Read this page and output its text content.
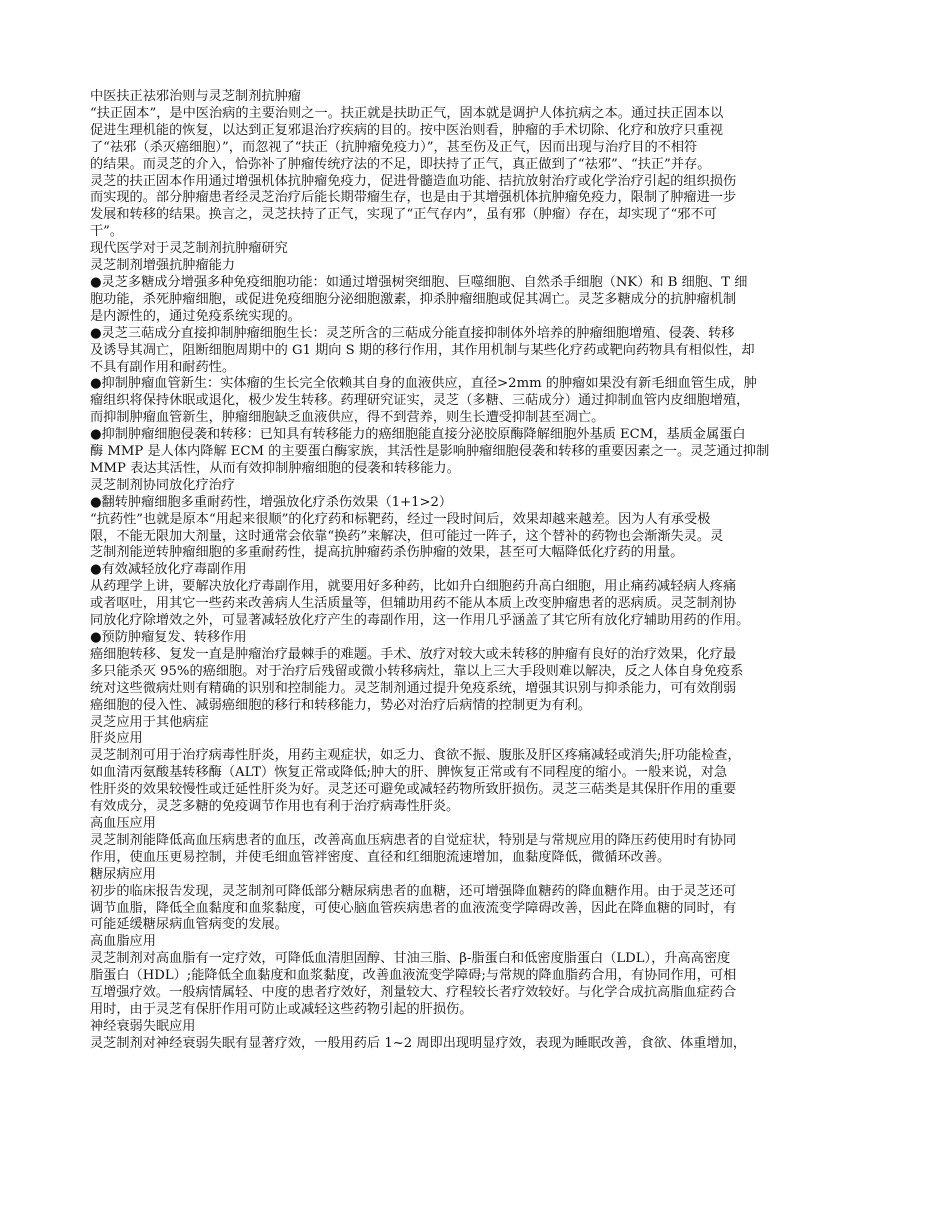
中医扶正祛邪治则与灵芝制剂抗肿瘤
“扶正固本”，是中医治病的主要治则之一。扶正就是扶助正气，固本就是调护人体抗病之本。通过扶正固本以
促进生理机能的恢复，以达到正复邪退治疗疾病的目的。按中医治则看，肿瘤的手术切除、化疗和放疗只重视
了“祛邪（杀灭癌细胞）”，而忽视了“扶正（抗肿瘤免疫力）”，甚至伤及正气，因而出现与治疗目的不相符
的结果。而灵芝的介入，恰弥补了肿瘤传统疗法的不足，即扶持了正气，真正做到了“祛邪”、“扶正”并存。
灵芝的扶正固本作用通过增强机体抗肿瘤免疫力，促进骨髓造血功能、拮抗放射治疗或化学治疗引起的组织损伤
而实现的。部分肿瘤患者经灵芝治疗后能长期带瘤生存，也是由于其增强机体抗肿瘤免疫力，限制了肿瘤进一步
发展和转移的结果。换言之，灵芝扶持了正气，实现了“正气存内”，虽有邪（肿瘤）存在，却实现了“邪不可
干”。
现代医学对于灵芝制剂抗肿瘤研究
灵芝制剂增强抗肿瘤能力
●灵芝多糖成分增强多种免疫细胞功能：如通过增强树突细胞、巨噬细胞、自然杀手细胞（NK）和 B 细胞、T 细
胞功能，杀死肿瘤细胞，或促进免疫细胞分泌细胞激素，抑杀肿瘤细胞或促其凋亡。灵芝多糖成分的抗肿瘤机制
是内源性的，通过免疫系统实现的。
●灵芝三萜成分直接抑制肿瘤细胞生长：灵芝所含的三萜成分能直接抑制体外培养的肿瘤细胞增殖、侵袭、转移
及诱导其凋亡，阻断细胞周期中的 G1 期向 S 期的移行作用，其作用机制与某些化疗药或靶向药物具有相似性，却
不具有副作用和耐药性。
●抑制肿瘤血管新生：实体瘤的生长完全依赖其自身的血液供应，直径>2mm 的肿瘤如果没有新毛细血管生成，肿
瘤组织将保持休眠或退化，极少发生转移。药理研究证实，灵芝（多糖、三萜成分）通过抑制血管内皮细胞增殖，
而抑制肿瘤血管新生，肿瘤细胞缺乏血液供应，得不到营养，则生长遭受抑制甚至凋亡。
●抑制肿瘤细胞侵袭和转移：已知具有转移能力的癌细胞能直接分泌胶原酶降解细胞外基质 ECM，基质金属蛋白
酶 MMP 是人体内降解 ECM 的主要蛋白酶家族，其活性是影响肿瘤细胞侵袭和转移的重要因素之一。灵芝通过抑制
MMP 表达其活性，从而有效抑制肿瘤细胞的侵袭和转移能力。
灵芝制剂协同放化疗治疗
●翻转肿瘤细胞多重耐药性，增强放化疗杀伤效果（1+1>2）
“抗药性”也就是原本“用起来很顺”的化疗药和标靶药，经过一段时间后，效果却越来越差。因为人有承受极
限，不能无限加大剂量，这时通常会依靠“换药”来解决，但可能过一阵子，这个替补的药物也会渐渐失灵。灵
芝制剂能逆转肿瘤细胞的多重耐药性，提高抗肿瘤药杀伤肿瘤的效果，甚至可大幅降低化疗药的用量。
●有效减轻放化疗毒副作用
从药理学上讲，要解决放化疗毒副作用，就要用好多种药，比如升白细胞药升高白细胞，用止痛药减轻病人疼痛
或者呕吐，用其它一些药来改善病人生活质量等，但辅助用药不能从本质上改变肿瘤患者的恶病质。灵芝制剂协
同放化疗除增效之外，可显著减轻放化疗产生的毒副作用，这一作用几乎涵盖了其它所有放化疗辅助用药的作用。
●预防肿瘤复发、转移作用
癌细胞转移、复发一直是肿瘤治疗最棘手的难题。手术、放疗对较大或未转移的肿瘤有良好的治疗效果，化疗最
多只能杀灭 95%的癌细胞。对于治疗后残留或微小转移病灶，靠以上三大手段则难以解决，反之人体自身免疫系
统对这些微病灶则有精确的识别和控制能力。灵芝制剂通过提升免疫系统，增强其识别与抑杀能力，可有效削弱
癌细胞的侵入性、减弱癌细胞的移行和转移能力，势必对治疗后病情的控制更为有利。
灵芝应用于其他病症
肝炎应用
灵芝制剂可用于治疗病毒性肝炎，用药主观症状，如乏力、食欲不振、腹胀及肝区疼痛减轻或消失;肝功能检查，
如血清丙氨酸基转移酶（ALT）恢复正常或降低;肿大的肝、脾恢复正常或有不同程度的缩小。一般来说，对急
性肝炎的效果较慢性或迁延性肝炎为好。灵芝还可避免或减轻药物所致肝损伤。灵芝三萜类是其保肝作用的重要
有效成分，灵芝多糖的免疫调节作用也有利于治疗病毒性肝炎。
高血压应用
灵芝制剂能降低高血压病患者的血压，改善高血压病患者的自觉症状，特别是与常规应用的降压药使用时有协同
作用，使血压更易控制，并使毛细血管袢密度、直径和红细胞流速增加，血黏度降低，微循环改善。
糖尿病应用
初步的临床报告发现，灵芝制剂可降低部分糖尿病患者的血糖，还可增强降血糖药的降血糖作用。由于灵芝还可
调节血脂，降低全血黏度和血浆黏度，可使心脑血管疾病患者的血液流变学障碍改善，因此在降血糖的同时，有
可能延缓糖尿病血管病变的发展。
高血脂应用
灵芝制剂对高血脂有一定疗效，可降低血清胆固醇、甘油三脂、β-脂蛋白和低密度脂蛋白（LDL），升高高密度
脂蛋白（HDL）;能降低全血黏度和血浆黏度，改善血液流变学障碍;与常规的降血脂药合用，有协同作用，可相
互增强疗效。一般病情属轻、中度的患者疗效好，剂量较大、疗程较长者疗效较好。与化学合成抗高脂血症药合
用时，由于灵芝有保肝作用可防止或减轻这些药物引起的肝损伤。
神经衰弱失眠应用
灵芝制剂对神经衰弱失眠有显著疗效，一般用药后 1~2 周即出现明显疗效，表现为睡眠改善，食欲、体重增加，
